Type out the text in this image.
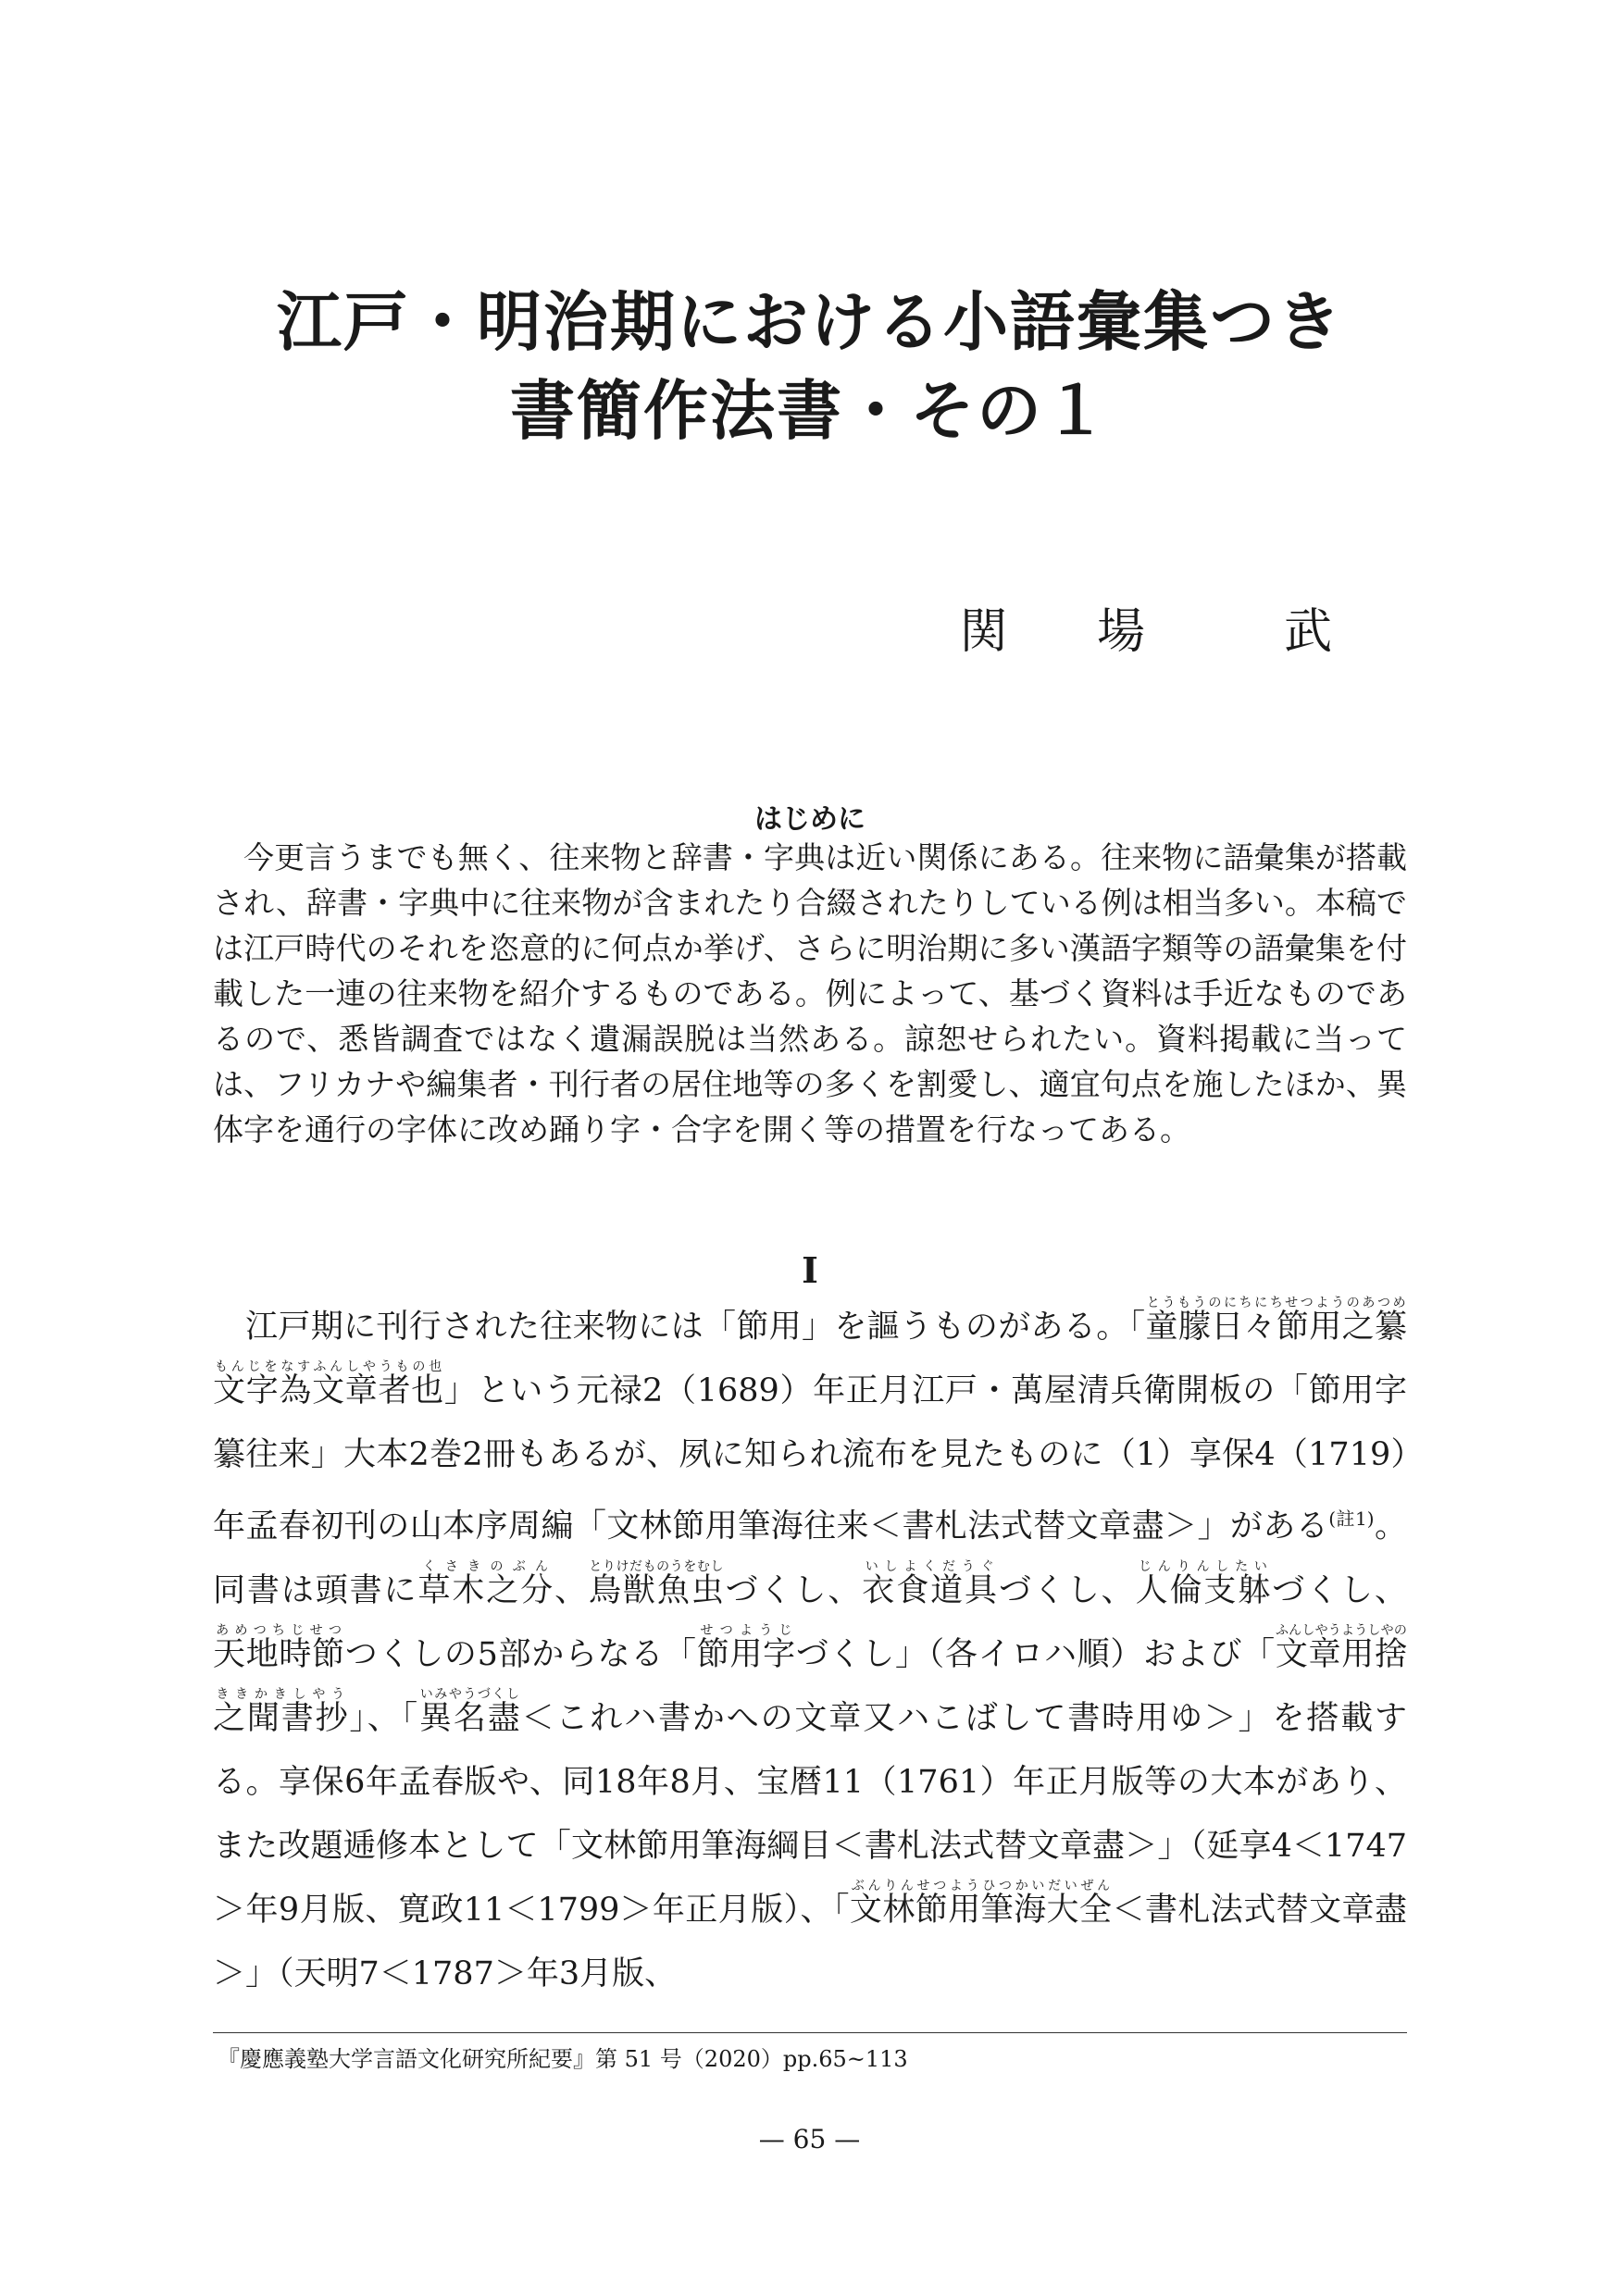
江戸・明治期における小語彙集つき
書簡作法書・その１
関 場 武
はじめに

今更言うまでも無く、往来物と辞書・字典は近い関係にある。往来物に語彙集が搭載され、辞書・字典中に往来物が含まれたり合綴されたりしている例は相当多い。本稿では江戸時代のそれを恣意的に何点か挙げ、さらに明治期に多い漢語字類等の語彙集を付載した一連の往来物を紹介するものである。例によって、基づく資料は手近なものであるので、悉皆調査ではなく遺漏誤脱は当然ある。諒恕せられたい。資料掲載に当っては、フリカナや編集者・刊行者の居住地等の多くを割愛し、適宜句点を施したほか、異体字を通行の字体に改め踊り字・合字を開く等の措置を行なってある。

I

江戸期に刊行された往来物には「節用」を謳うものがある。「童朦日々節用之纂文字為文章者也とうもうのにちにちせつようのあつめもんじをなすふんしやうもの也」という元禄2（1689）年正月江戸・萬屋清兵衛開板の「節用字纂往来」大本2巻2冊もあるが、夙に知られ流布を見たものに（1）享保4（1719）年孟春初刊の山本序周編「文林節用筆海往来＜書札法式替文章盡＞」がある$^{(註1)}$。同書は頭書に草木之分くさきのぶん、鳥獣魚虫とりけだものうをむしづくし、衣食道具いしよくだうぐづくし、人倫支躰じんりんしたいづくし、天地時節あめつちじせつつくしの5部からなる「節用字せつようじづくし」（各イロハ順）および「文章用捨之聞書抄ふんしやうようしやのききかきしやう」、「異名盡いみやうづくし＜これハ書かへの文章又ハこばして書時用ゆ＞」を搭載する。享保6年孟春版や、同18年8月、宝暦11（1761）年正月版等の大本があり、また改題逓修本として「文林節用筆海綱目＜書札法式替文章盡＞」（延享4＜1747＞年9月版、寛政11＜1799＞年正月版）、「文林節用筆海大全ぶんりんせつようひつかいだいぜん＜書札法式替文章盡＞」（天明7＜1787＞年3月版、

『慶應義塾大学言語文化研究所紀要』第 51 号（2020）pp.65~113
— 65 —
